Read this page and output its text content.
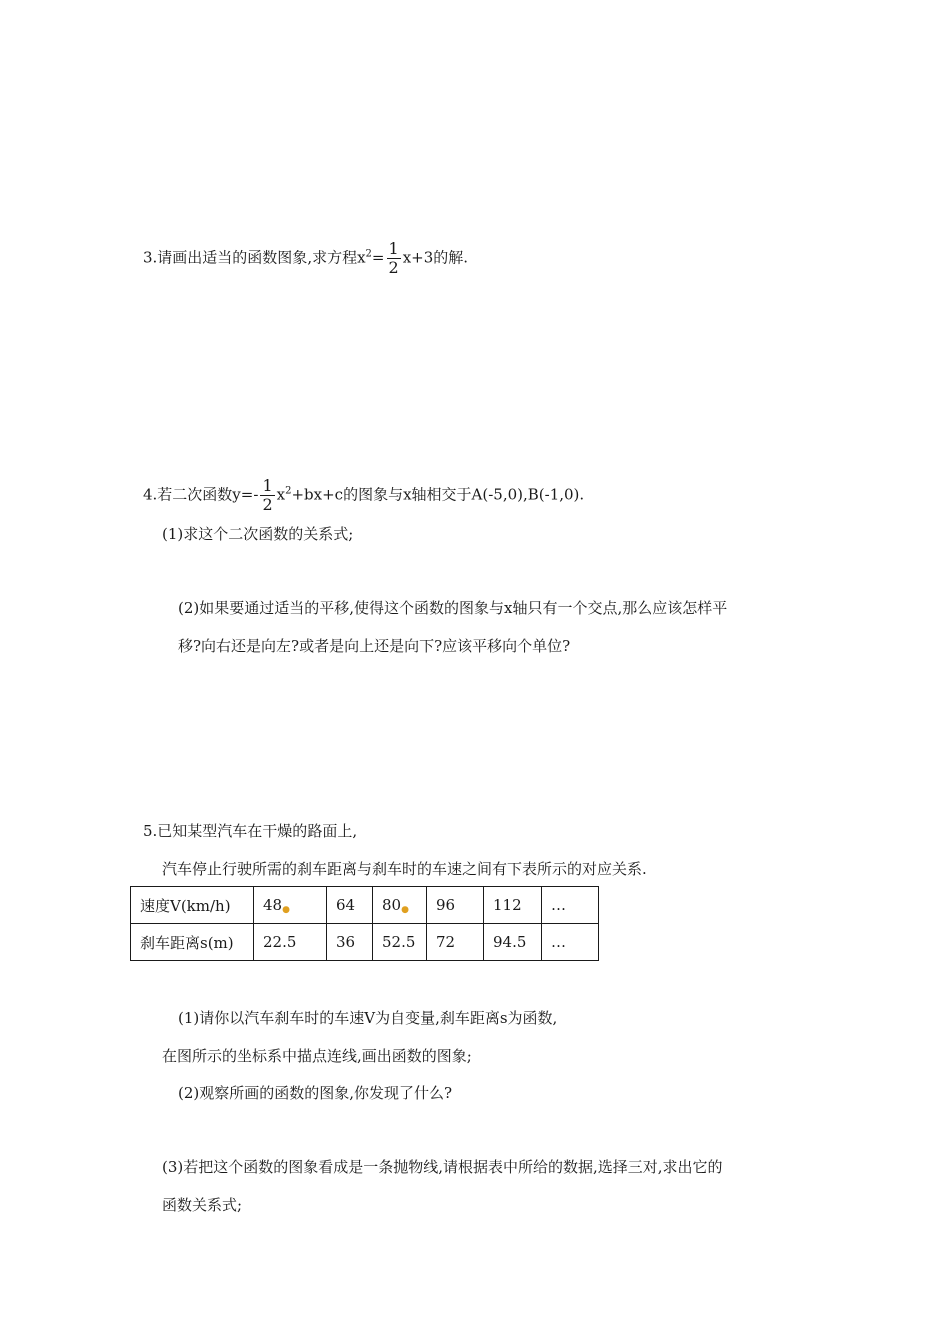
3.请画出适当的函数图象,求方程$x^2= \frac{1}{2} x+3$的解.
4.若二次函数$y=- \frac{1}{2} x^2+bx+c$的图象与x轴相交于A(-5,0),B(-1,0).
(1)求这个二次函数的关系式;
(2)如果要通过适当的平移,使得这个函数的图象与x轴只有一个交点,那么应该怎样平
移?向右还是向左?或者是向上还是向下?应该平移向个单位?
5.已知某型汽车在干燥的路面上,
汽车停止行驶所需的刹车距离与刹车时的车速之间有下表所示的对应关系.
速度V(km/h)	48●	64	80●	96	112	…
刹车距离s(m)	22.5	36	52.5	72	94.5	…
(1)请你以汽车刹车时的车速V为自变量,刹车距离s为函数,
在图所示的坐标系中描点连线,画出函数的图象;
(2)观察所画的函数的图象,你发现了什么?
(3)若把这个函数的图象看成是一条抛物线,请根据表中所给的数据,选择三对,求出它的
函数关系式;
